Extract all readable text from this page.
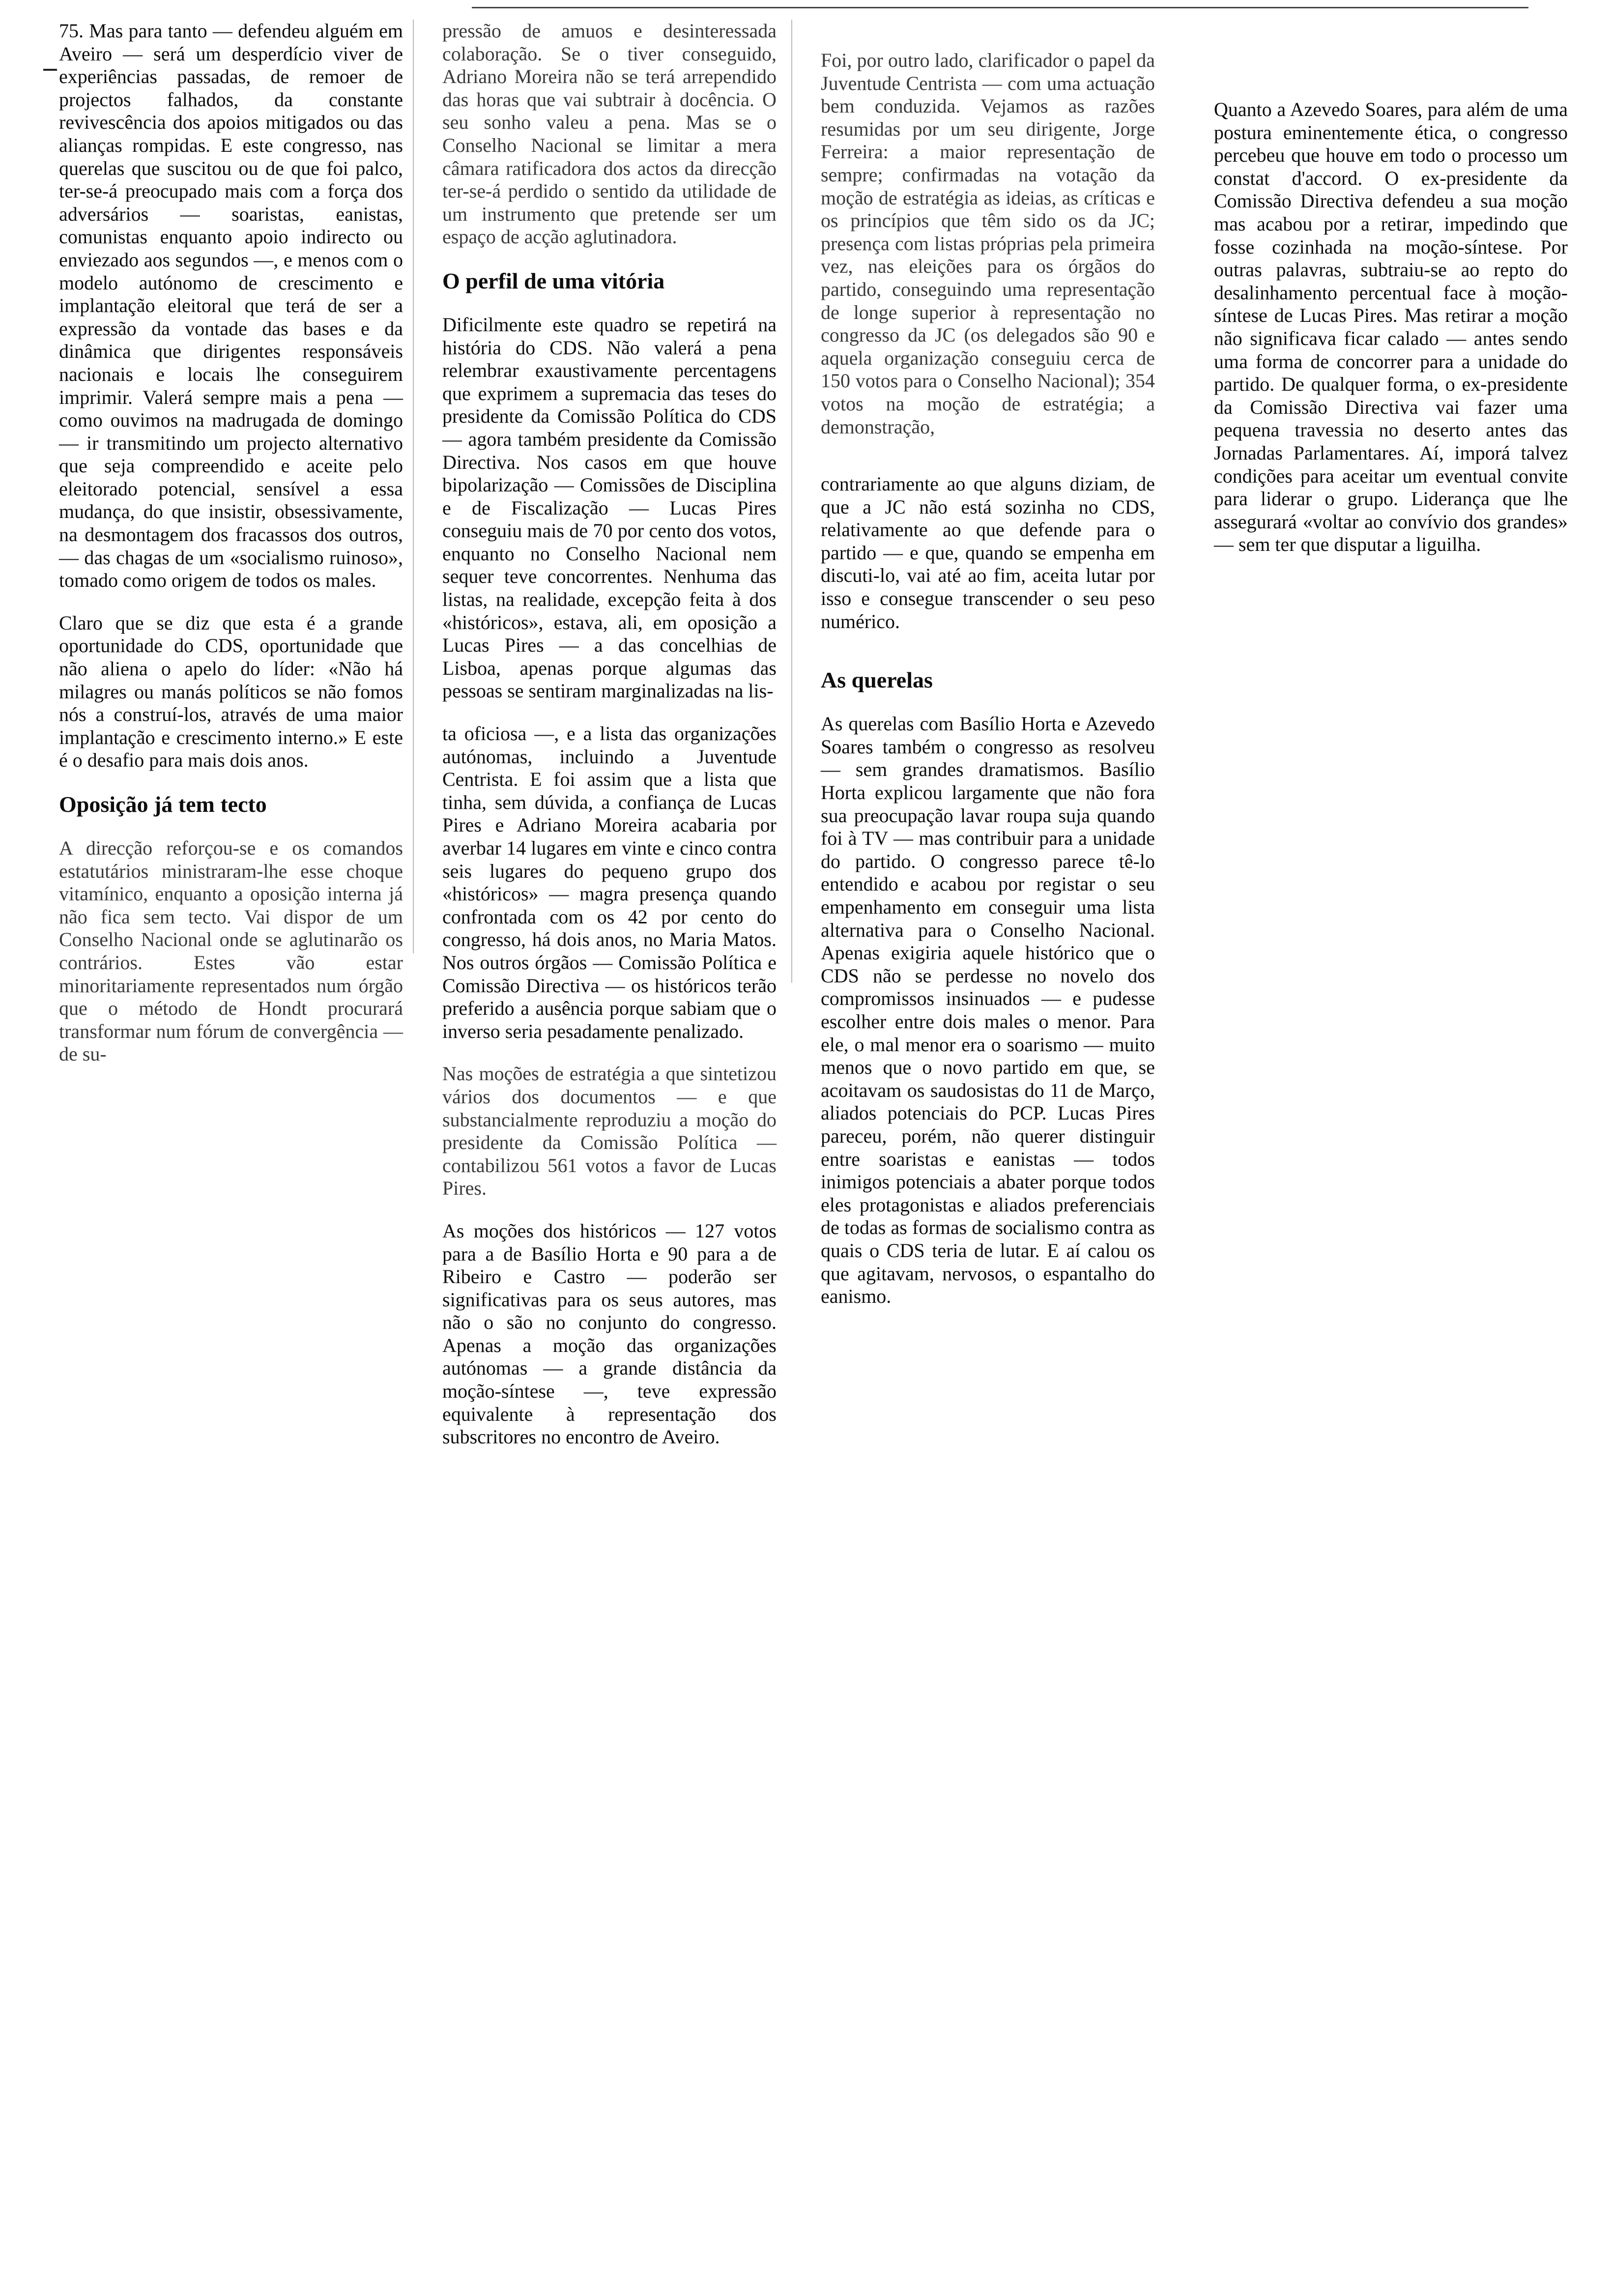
75. Mas para tanto — defendeu alguém em Aveiro — será um desperdício viver de experiências passadas, de remoer de projectos falhados, da constante revivescência dos apoios mitigados ou das alianças rompidas. E este congresso, nas querelas que suscitou ou de que foi palco, ter-se-á preocupado mais com a força dos adversários — soaristas, eanistas, comunistas enquanto apoio indirecto ou enviezado aos segundos —, e menos com o modelo autónomo de crescimento e implantação eleitoral que terá de ser a expressão da vontade das bases e da dinâmica que dirigentes responsáveis nacionais e locais lhe conseguirem imprimir. Valerá sempre mais a pena — como ouvimos na madrugada de domingo — ir transmitindo um projecto alternativo que seja compreendido e aceite pelo eleitorado potencial, sensível a essa mudança, do que insistir, obsessivamente, na desmontagem dos fracassos dos outros, — das chagas de um «socialismo ruinoso», tomado como origem de todos os males.

Claro que se diz que esta é a grande oportunidade do CDS, oportunidade que não aliena o apelo do líder: «Não há milagres ou manás políticos se não fomos nós a construí-los, através de uma maior implantação e crescimento interno.» E este é o desafio para mais dois anos.

Oposição já tem tecto

A direcção reforçou-se e os comandos estatutários ministraram-lhe esse choque vitamínico, enquanto a oposição interna já não fica sem tecto. Vai dispor de um Conselho Nacional onde se aglutinarão os contrários. Estes vão estar minoritariamente representados num órgão que o método de Hondt procurará transformar num fórum de convergência — de su-

pressão de amuos e desinteressada colaboração. Se o tiver conseguido, Adriano Moreira não se terá arrependido das horas que vai subtrair à docência. O seu sonho valeu a pena. Mas se o Conselho Nacional se limitar a mera câmara ratificadora dos actos da direcção ter-se-á perdido o sentido da utilidade de um instrumento que pretende ser um espaço de acção aglutinadora.

O perfil de uma vitória

Dificilmente este quadro se repetirá na história do CDS. Não valerá a pena relembrar exaustivamente percentagens que exprimem a supremacia das teses do presidente da Comissão Política do CDS — agora também presidente da Comissão Directiva. Nos casos em que houve bipolarização — Comissões de Disciplina e de Fiscalização — Lucas Pires conseguiu mais de 70 por cento dos votos, enquanto no Conselho Nacional nem sequer teve concorrentes. Nenhuma das listas, na realidade, excepção feita à dos «históricos», estava, ali, em oposição a Lucas Pires — a das concelhias de Lisboa, apenas porque algumas das pessoas se sentiram marginalizadas na lis-

ta oficiosa —, e a lista das organizações autónomas, incluindo a Juventude Centrista. E foi assim que a lista que tinha, sem dúvida, a confiança de Lucas Pires e Adriano Moreira acabaria por averbar 14 lugares em vinte e cinco contra seis lugares do pequeno grupo dos «históricos» — magra presença quando confrontada com os 42 por cento do congresso, há dois anos, no Maria Matos. Nos outros órgãos — Comissão Política e Comissão Directiva — os históricos terão preferido a ausência porque sabiam que o inverso seria pesadamente penalizado.

Nas moções de estratégia a que sintetizou vários dos documentos — e que substancialmente reproduziu a moção do presidente da Comissão Política — contabilizou 561 votos a favor de Lucas Pires.

As moções dos históricos — 127 votos para a de Basílio Horta e 90 para a de Ribeiro e Castro — poderão ser significativas para os seus autores, mas não o são no conjunto do congresso. Apenas a moção das organizações autónomas — a grande distância da moção-síntese —, teve expressão equivalente à representação dos subscritores no encontro de Aveiro.

Foi, por outro lado, clarificador o papel da Juventude Centrista — com uma actuação bem conduzida. Vejamos as razões resumidas por um seu dirigente, Jorge Ferreira: a maior representação de sempre; confirmadas na votação da moção de estratégia as ideias, as críticas e os princípios que têm sido os da JC; presença com listas próprias pela primeira vez, nas eleições para os órgãos do partido, conseguindo uma representação de longe superior à representação no congresso da JC (os delegados são 90 e aquela organização conseguiu cerca de 150 votos para o Conselho Nacional); 354 votos na moção de estratégia; a demonstração,

contrariamente ao que alguns diziam, de que a JC não está sozinha no CDS, relativamente ao que defende para o partido — e que, quando se empenha em discuti-lo, vai até ao fim, aceita lutar por isso e consegue transcender o seu peso numérico.

As querelas

As querelas com Basílio Horta e Azevedo Soares também o congresso as resolveu — sem grandes dramatismos. Basílio Horta explicou largamente que não fora sua preocupação lavar roupa suja quando foi à TV — mas contribuir para a unidade do partido. O congresso parece tê-lo entendido e acabou por registar o seu empenhamento em conseguir uma lista alternativa para o Conselho Nacional. Apenas exigiria aquele histórico que o CDS não se perdesse no novelo dos compromissos insinuados — e pudesse escolher entre dois males o menor. Para ele, o mal menor era o soarismo — muito menos que o novo partido em que, se acoitavam os saudosistas do 11 de Março, aliados potenciais do PCP. Lucas Pires pareceu, porém, não querer distinguir entre soaristas e eanistas — todos inimigos potenciais a abater porque todos eles protagonistas e aliados preferenciais de todas as formas de socialismo contra as quais o CDS teria de lutar. E aí calou os que agitavam, nervosos, o espantalho do eanismo.

Quanto a Azevedo Soares, para além de uma postura eminentemente ética, o congresso percebeu que houve em todo o processo um constat d'accord. O ex-presidente da Comissão Directiva defendeu a sua moção mas acabou por a retirar, impedindo que fosse cozinhada na moção-síntese. Por outras palavras, subtraiu-se ao repto do desalinhamento percentual face à moção-síntese de Lucas Pires. Mas retirar a moção não significava ficar calado — antes sendo uma forma de concorrer para a unidade do partido. De qualquer forma, o ex-presidente da Comissão Directiva vai fazer uma pequena travessia no deserto antes das Jornadas Parlamentares. Aí, imporá talvez condições para aceitar um eventual convite para liderar o grupo. Liderança que lhe assegurará «voltar ao convívio dos grandes» — sem ter que disputar a liguilha.
